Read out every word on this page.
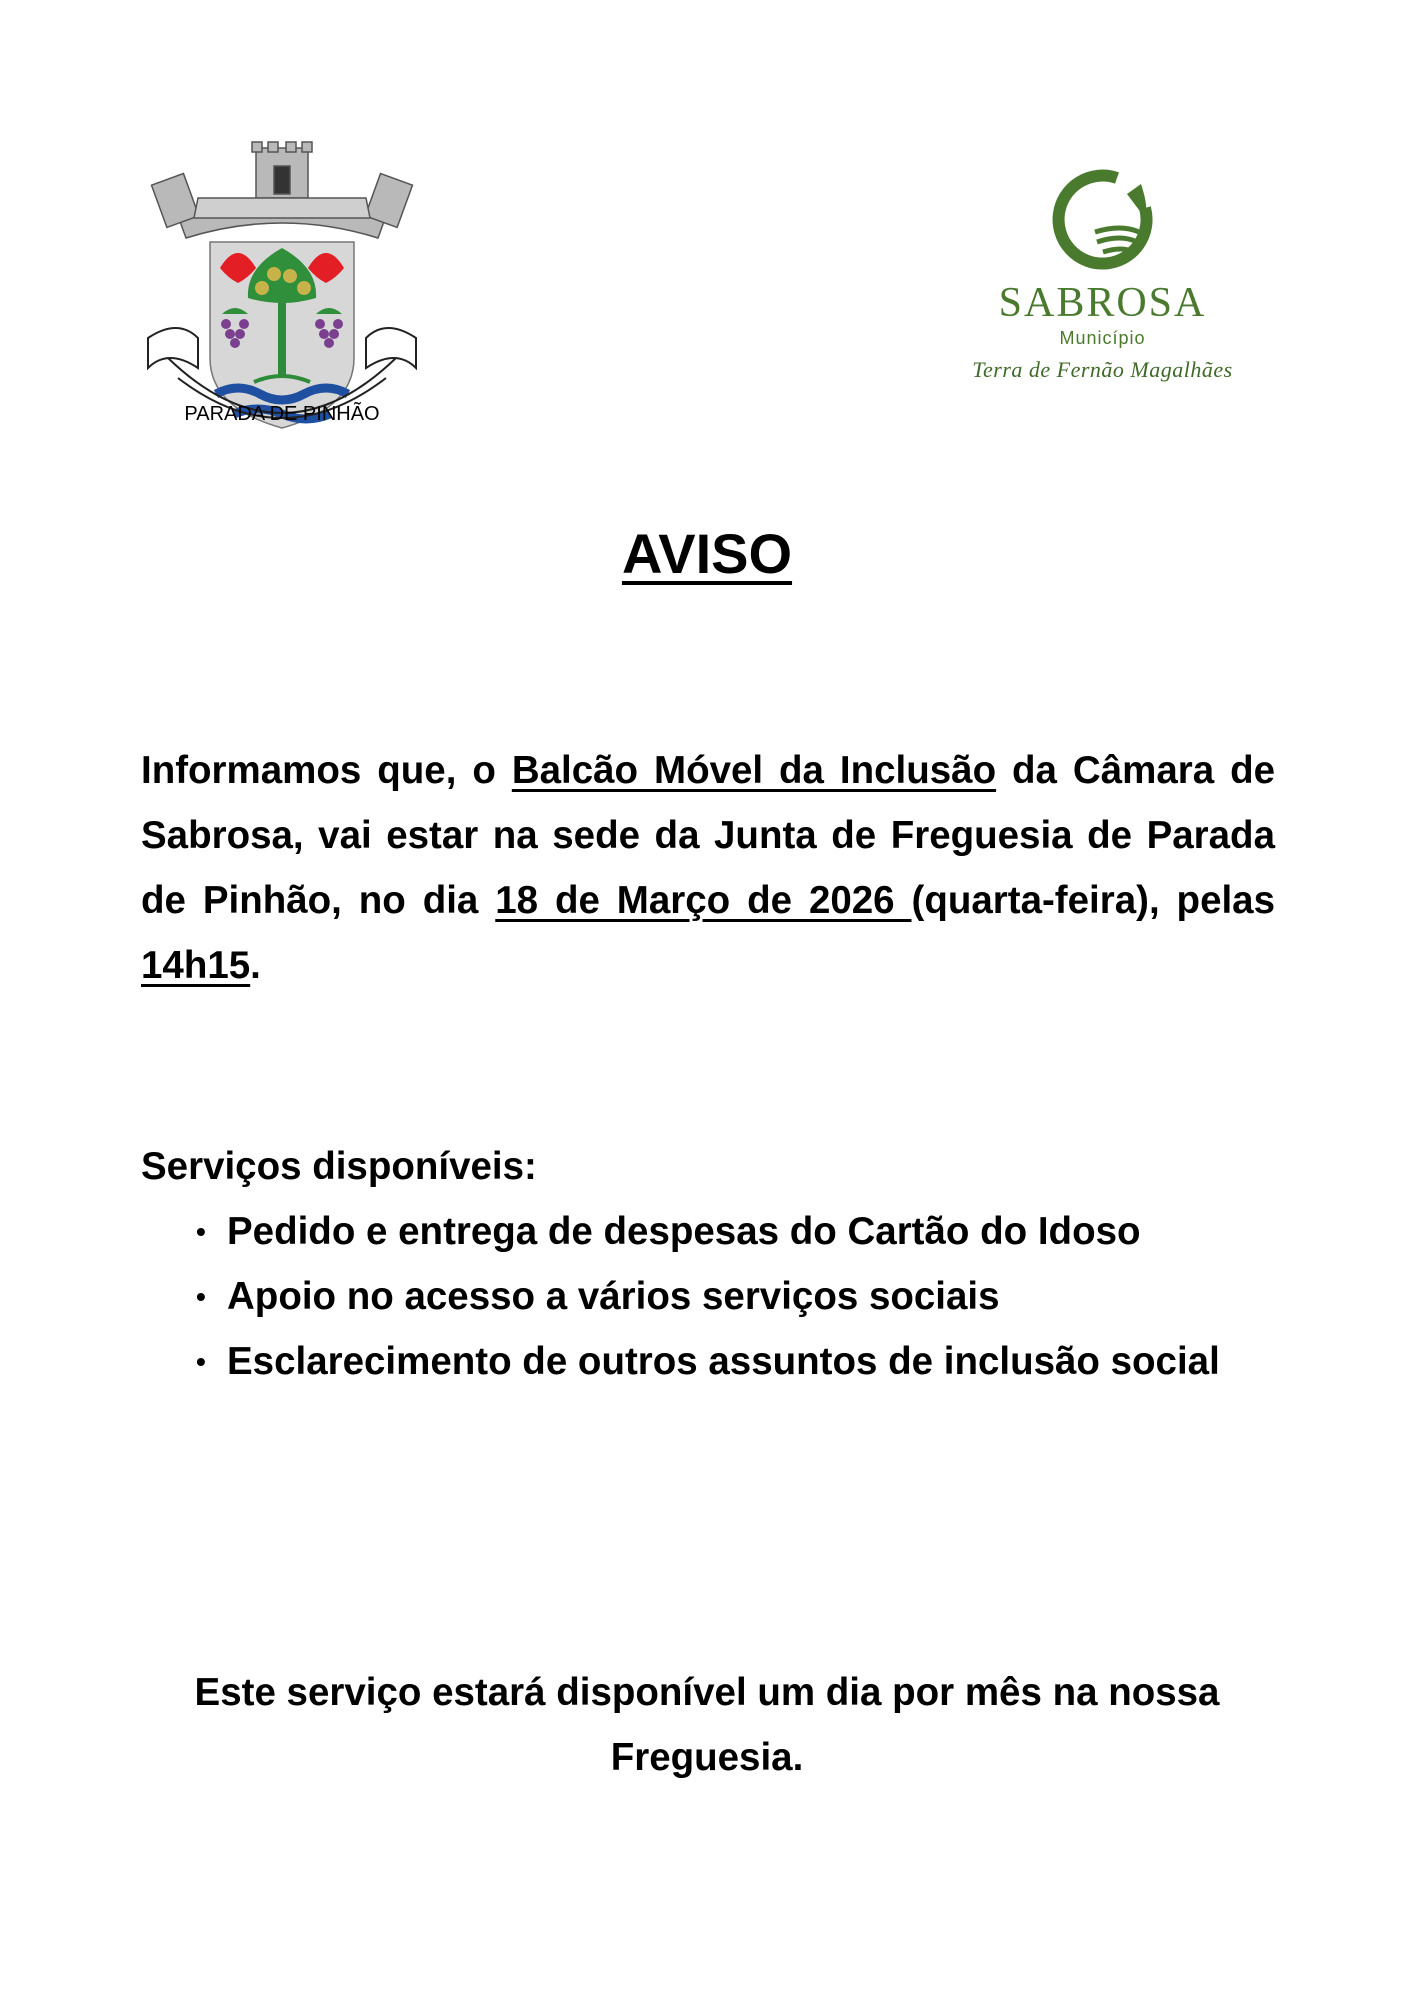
PARADA DE PINHÃO
SABROSA
Município
Terra de Fernão Magalhães
AVISO
Informamos que, o Balcão Móvel da Inclusão da Câmara de Sabrosa, vai estar na sede da Junta de Freguesia de Parada de Pinhão, no dia 18 de Março de 2026 (quarta-feira), pelas 14h15.
Serviços disponíveis:
• Pedido e entrega de despesas do Cartão do Idoso
• Apoio no acesso a vários serviços sociais
• Esclarecimento de outros assuntos de inclusão social
Este serviço estará disponível um dia por mês na nossa Freguesia.
